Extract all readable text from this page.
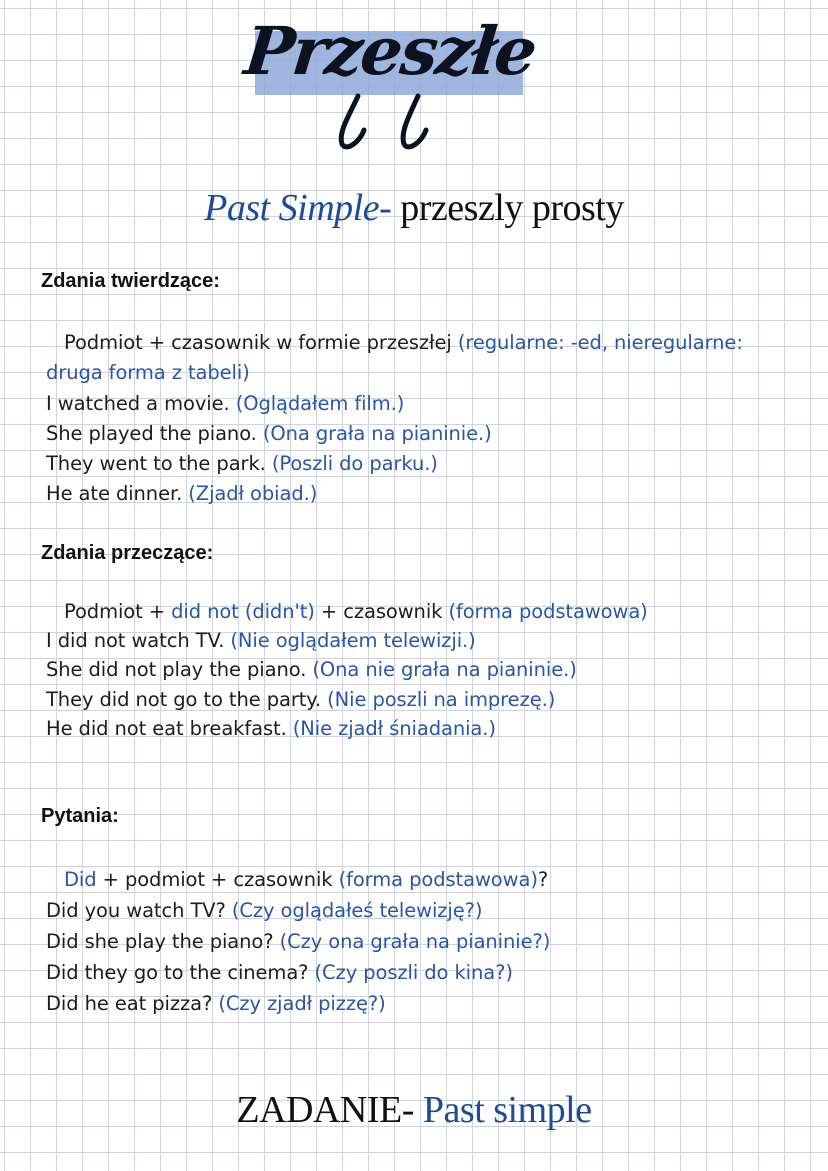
Przeszłe
Past Simple- przeszly prosty
Zdania twierdzące:
Podmiot + czasownik w formie przeszłej (regularne: -ed, nieregularne:
druga forma z tabeli)
I watched a movie. (Oglądałem film.)
She played the piano. (Ona grała na pianinie.)
They went to the park. (Poszli do parku.)
He ate dinner. (Zjadł obiad.)
Zdania przeczące:
Podmiot + did not (didn't) + czasownik (forma podstawowa)
I did not watch TV. (Nie oglądałem telewizji.)
She did not play the piano. (Ona nie grała na pianinie.)
They did not go to the party. (Nie poszli na imprezę.)
He did not eat breakfast. (Nie zjadł śniadania.)
Pytania:
Did + podmiot + czasownik (forma podstawowa)?
Did you watch TV? (Czy oglądałeś telewizję?)
Did she play the piano? (Czy ona grała na pianinie?)
Did they go to the cinema? (Czy poszli do kina?)
Did he eat pizza? (Czy zjadł pizzę?)
ZADANIE- Past simple
